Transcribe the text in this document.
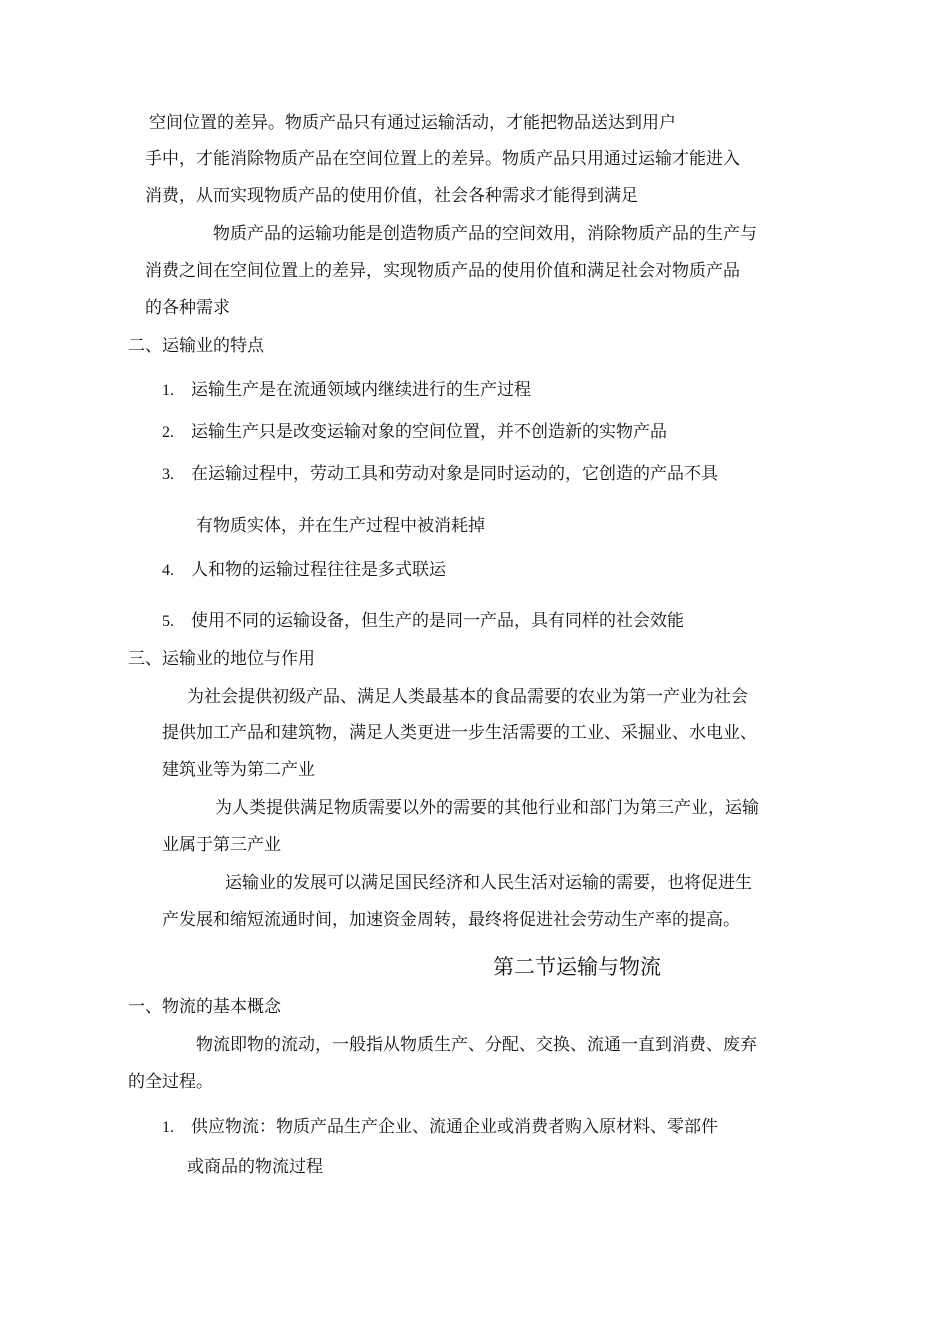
空间位置的差异。物质产品只有通过运输活动，才能把物品送达到用户
手中，才能消除物质产品在空间位置上的差异。物质产品只用通过运输才能进入
消费，从而实现物质产品的使用价值，社会各种需求才能得到满足
物质产品的运输功能是创造物质产品的空间效用，消除物质产品的生产与
消费之间在空间位置上的差异，实现物质产品的使用价值和满足社会对物质产品
的各种需求
二、运输业的特点
1. 运输生产是在流通领域内继续进行的生产过程
2. 运输生产只是改变运输对象的空间位置，并不创造新的实物产品
3. 在运输过程中，劳动工具和劳动对象是同时运动的，它创造的产品不具
有物质实体，并在生产过程中被消耗掉
4. 人和物的运输过程往往是多式联运
5. 使用不同的运输设备，但生产的是同一产品，具有同样的社会效能
三、运输业的地位与作用
为社会提供初级产品、满足人类最基本的食品需要的农业为第一产业为社会
提供加工产品和建筑物，满足人类更进一步生活需要的工业、采掘业、水电业、
建筑业等为第二产业
为人类提供满足物质需要以外的需要的其他行业和部门为第三产业，运输
业属于第三产业
运输业的发展可以满足国民经济和人民生活对运输的需要，也将促进生
产发展和缩短流通时间，加速资金周转，最终将促进社会劳动生产率的提高。
第二节运输与物流
一、物流的基本概念
物流即物的流动，一般指从物质生产、分配、交换、流通一直到消费、废弃
的全过程。
1. 供应物流：物质产品生产企业、流通企业或消费者购入原材料、零部件
或商品的物流过程
